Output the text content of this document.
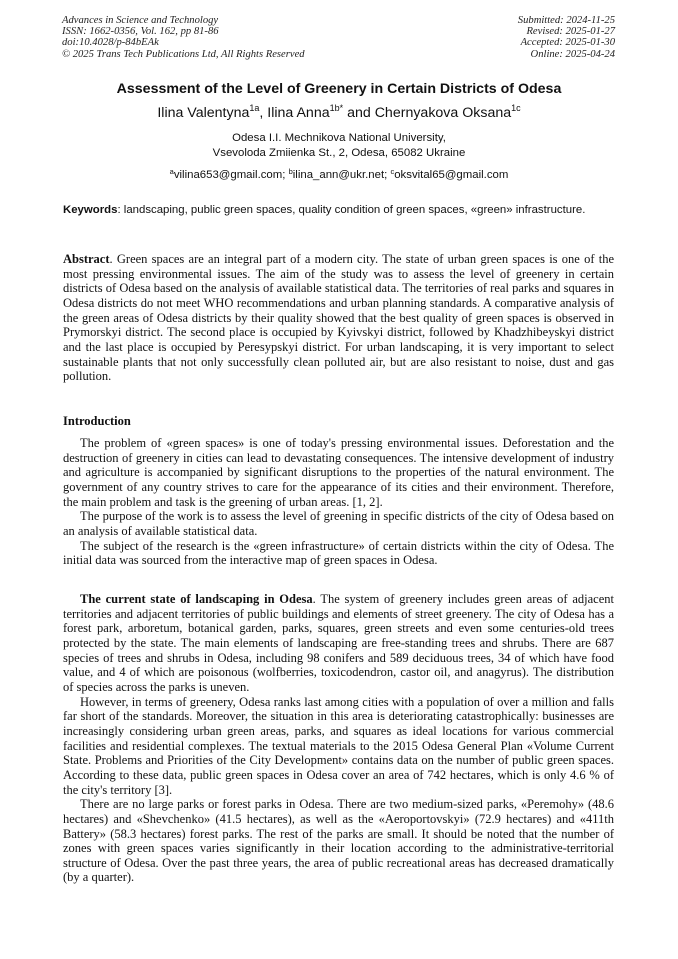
Advances in Science and Technology
ISSN: 1662-0356, Vol. 162, pp 81-86
doi:10.4028/p-84bEAk
© 2025 Trans Tech Publications Ltd, All Rights Reserved
Submitted: 2024-11-25
Revised: 2025-01-27
Accepted: 2025-01-30
Online: 2025-04-24
Assessment of the Level of Greenery in Certain Districts of Odesa
Ilina Valentyna$^{1a}$, Ilina Anna$^{1b*}$ and Chernyakova Oksana$^{1c}$
Odesa I.I. Mechnikova National University,
Vsevoloda Zmiienka St., 2, Odesa, 65082 Ukraine
$^a$vilina653@gmail.com; $^b$ilina_ann@ukr.net; $^c$oksvital65@gmail.com
Keywords: landscaping, public green spaces, quality condition of green spaces, «green» infrastructure.
Abstract. Green spaces are an integral part of a modern city. The state of urban green spaces is one of the most pressing environmental issues. The aim of the study was to assess the level of greenery in certain districts of Odesa based on the analysis of available statistical data. The territories of real parks and squares in Odesa districts do not meet WHO recommendations and urban planning standards. A comparative analysis of the green areas of Odesa districts by their quality showed that the best quality of green spaces is observed in Prymorskyi district. The second place is occupied by Kyivskyi district, followed by Khadzhibeyskyi district and the last place is occupied by Peresypskyi district. For urban landscaping, it is very important to select sustainable plants that not only successfully clean polluted air, but are also resistant to noise, dust and gas pollution.
Introduction

The problem of «green spaces» is one of today's pressing environmental issues. Deforestation and the destruction of greenery in cities can lead to devastating consequences. The intensive development of industry and agriculture is accompanied by significant disruptions to the properties of the natural environment. The government of any country strives to care for the appearance of its cities and their environment. Therefore, the main problem and task is the greening of urban areas. [1, 2].

The purpose of the work is to assess the level of greening in specific districts of the city of Odesa based on an analysis of available statistical data.

The subject of the research is the «green infrastructure» of certain districts within the city of Odesa. The initial data was sourced from the interactive map of green spaces in Odesa.

The current state of landscaping in Odesa. The system of greenery includes green areas of adjacent territories and adjacent territories of public buildings and elements of street greenery. The city of Odesa has a forest park, arboretum, botanical garden, parks, squares, green streets and even some centuries-old trees protected by the state. The main elements of landscaping are free-standing trees and shrubs. There are 687 species of trees and shrubs in Odesa, including 98 conifers and 589 deciduous trees, 34 of which have food value, and 4 of which are poisonous (wolfberries, toxicodendron, castor oil, and anagyrus). The distribution of species across the parks is uneven.

However, in terms of greenery, Odesa ranks last among cities with a population of over a million and falls far short of the standards. Moreover, the situation in this area is deteriorating catastrophically: businesses are increasingly considering urban green areas, parks, and squares as ideal locations for various commercial facilities and residential complexes. The textual materials to the 2015 Odesa General Plan «Volume Current State. Problems and Priorities of the City Development» contains data on the number of public green spaces. According to these data, public green spaces in Odesa cover an area of 742 hectares, which is only 4.6 % of the city's territory [3].

There are no large parks or forest parks in Odesa. There are two medium-sized parks, «Peremohy» (48.6 hectares) and «Shevchenko» (41.5 hectares), as well as the «Aeroportovskyi» (72.9 hectares) and «411th Battery» (58.3 hectares) forest parks. The rest of the parks are small. It should be noted that the number of zones with green spaces varies significantly in their location according to the administrative-territorial structure of Odesa. Over the past three years, the area of public recreational areas has decreased dramatically (by a quarter).
